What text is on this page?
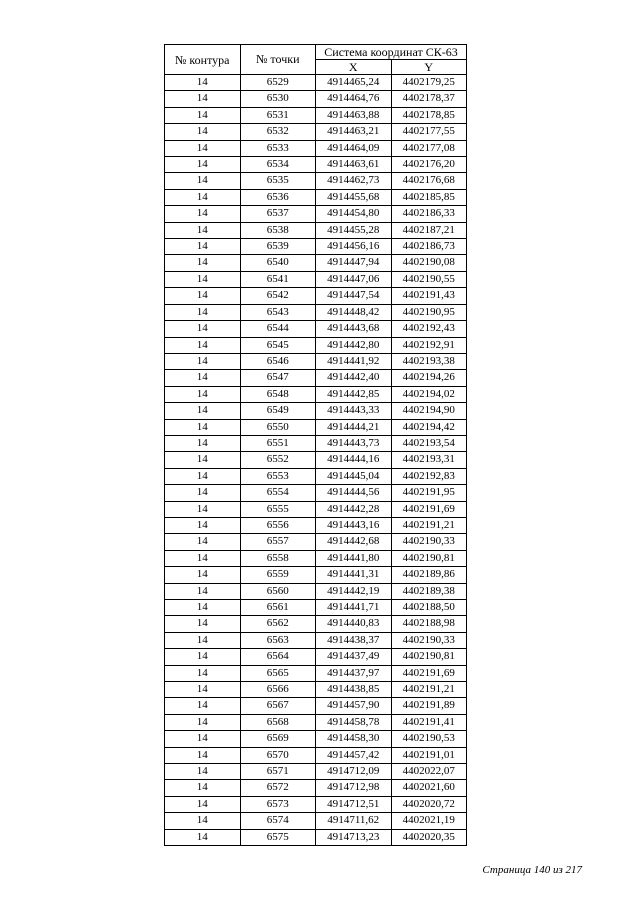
№ контура	№ точки	Система координат СК-63	
		X	Y
14	6529	4914465,24	4402179,25
14	6530	4914464,76	4402178,37
14	6531	4914463,88	4402178,85
14	6532	4914463,21	4402177,55
14	6533	4914464,09	4402177,08
14	6534	4914463,61	4402176,20
14	6535	4914462,73	4402176,68
14	6536	4914455,68	4402185,85
14	6537	4914454,80	4402186,33
14	6538	4914455,28	4402187,21
14	6539	4914456,16	4402186,73
14	6540	4914447,94	4402190,08
14	6541	4914447,06	4402190,55
14	6542	4914447,54	4402191,43
14	6543	4914448,42	4402190,95
14	6544	4914443,68	4402192,43
14	6545	4914442,80	4402192,91
14	6546	4914441,92	4402193,38
14	6547	4914442,40	4402194,26
14	6548	4914442,85	4402194,02
14	6549	4914443,33	4402194,90
14	6550	4914444,21	4402194,42
14	6551	4914443,73	4402193,54
14	6552	4914444,16	4402193,31
14	6553	4914445,04	4402192,83
14	6554	4914444,56	4402191,95
14	6555	4914442,28	4402191,69
14	6556	4914443,16	4402191,21
14	6557	4914442,68	4402190,33
14	6558	4914441,80	4402190,81
14	6559	4914441,31	4402189,86
14	6560	4914442,19	4402189,38
14	6561	4914441,71	4402188,50
14	6562	4914440,83	4402188,98
14	6563	4914438,37	4402190,33
14	6564	4914437,49	4402190,81
14	6565	4914437,97	4402191,69
14	6566	4914438,85	4402191,21
14	6567	4914457,90	4402191,89
14	6568	4914458,78	4402191,41
14	6569	4914458,30	4402190,53
14	6570	4914457,42	4402191,01
14	6571	4914712,09	4402022,07
14	6572	4914712,98	4402021,60
14	6573	4914712,51	4402020,72
14	6574	4914711,62	4402021,19
14	6575	4914713,23	4402020,35
Страница 140 из 217
